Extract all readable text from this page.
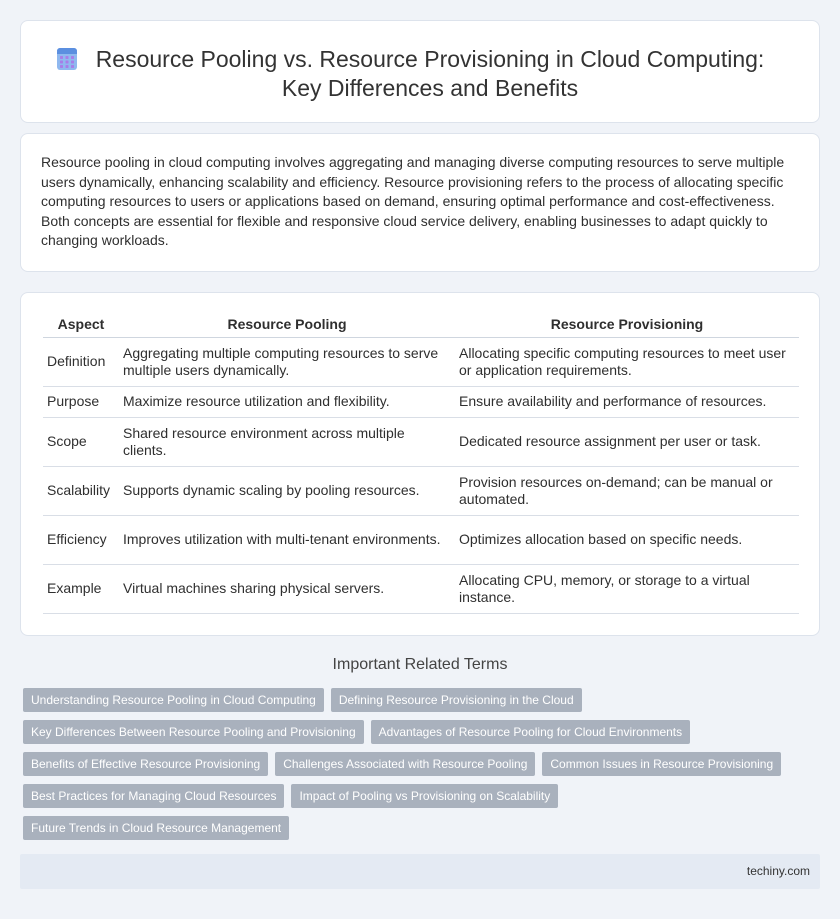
Resource Pooling vs. Resource Provisioning in Cloud Computing: Key Differences and Benefits

Resource pooling in cloud computing involves aggregating and managing diverse computing resources to serve multiple users dynamically, enhancing scalability and efficiency. Resource provisioning refers to the process of allocating specific computing resources to users or applications based on demand, ensuring optimal performance and cost-effectiveness. Both concepts are essential for flexible and responsive cloud service delivery, enabling businesses to adapt quickly to changing workloads.

Aspect	Resource Pooling	Resource Provisioning
Definition	Aggregating multiple computing resources to serve multiple users dynamically.	Allocating specific computing resources to meet user or application requirements.
Purpose	Maximize resource utilization and flexibility.	Ensure availability and performance of resources.
Scope	Shared resource environment across multiple clients.	Dedicated resource assignment per user or task.
Scalability	Supports dynamic scaling by pooling resources.	Provision resources on-demand; can be manual or automated.
Efficiency	Improves utilization with multi-tenant environments.	Optimizes allocation based on specific needs.
Example	Virtual machines sharing physical servers.	Allocating CPU, memory, or storage to a virtual instance.
Important Related Terms
Understanding Resource Pooling in Cloud Computing	Defining Resource Provisioning in the Cloud
Key Differences Between Resource Pooling and Provisioning	Advantages of Resource Pooling for Cloud Environments
Benefits of Effective Resource Provisioning	Challenges Associated with Resource Pooling	Common Issues in Resource Provisioning
Best Practices for Managing Cloud Resources	Impact of Pooling vs Provisioning on Scalability
Future Trends in Cloud Resource Management
techiny.com
